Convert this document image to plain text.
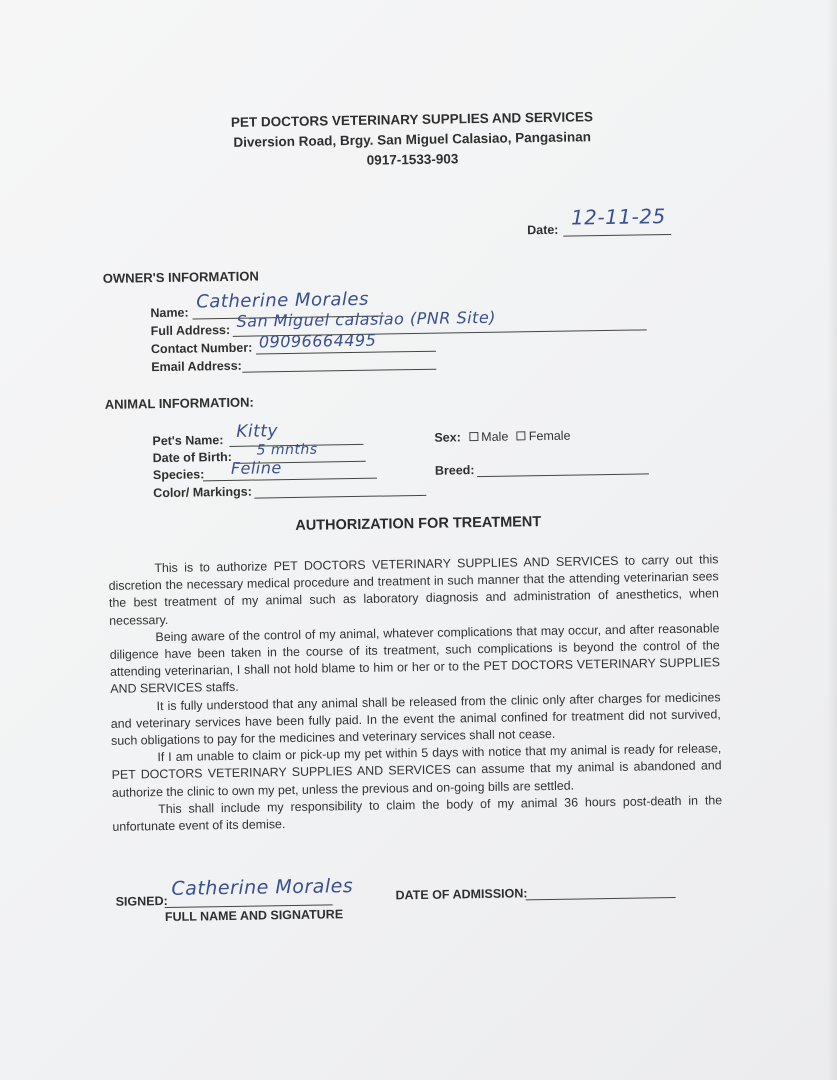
PET DOCTORS VETERINARY SUPPLIES AND SERVICES
Diversion Road, Brgy. San Miguel Calasiao, Pangasinan
0917-1533-903
Date:
12-11-25
OWNER'S INFORMATION
Name:
Catherine Morales
Full Address: San Miguel calasiao (PNR Site)
Contact Number: 09096664495
Email Address:
ANIMAL INFORMATION:
Pet's Name: Kitty
Date of Birth: 5 mnths
Species: Feline
Color/ Markings:
Sex: Male Female
Breed:
AUTHORIZATION FOR TREATMENT

This is to authorize PET DOCTORS VETERINARY SUPPLIES AND SERVICES to carry out this discretion the necessary medical procedure and treatment in such manner that the attending veterinarian sees the best treatment of my animal such as laboratory diagnosis and administration of anesthetics, when necessary.

Being aware of the control of my animal, whatever complications that may occur, and after reasonable diligence have been taken in the course of its treatment, such complications is beyond the control of the attending veterinarian, I shall not hold blame to him or her or to the PET DOCTORS VETERINARY SUPPLIES AND SERVICES staffs.

It is fully understood that any animal shall be released from the clinic only after charges for medicines and veterinary services have been fully paid. In the event the animal confined for treatment did not survived, such obligations to pay for the medicines and veterinary services shall not cease.

If I am unable to claim or pick-up my pet within 5 days with notice that my animal is ready for release, PET DOCTORS VETERINARY SUPPLIES AND SERVICES can assume that my animal is abandoned and authorize the clinic to own my pet, unless the previous and on-going bills are settled.

This shall include my responsibility to claim the body of my animal 36 hours post-death in the unfortunate event of its demise.

SIGNED:
Catherine Morales
FULL NAME AND SIGNATURE
DATE OF ADMISSION:
